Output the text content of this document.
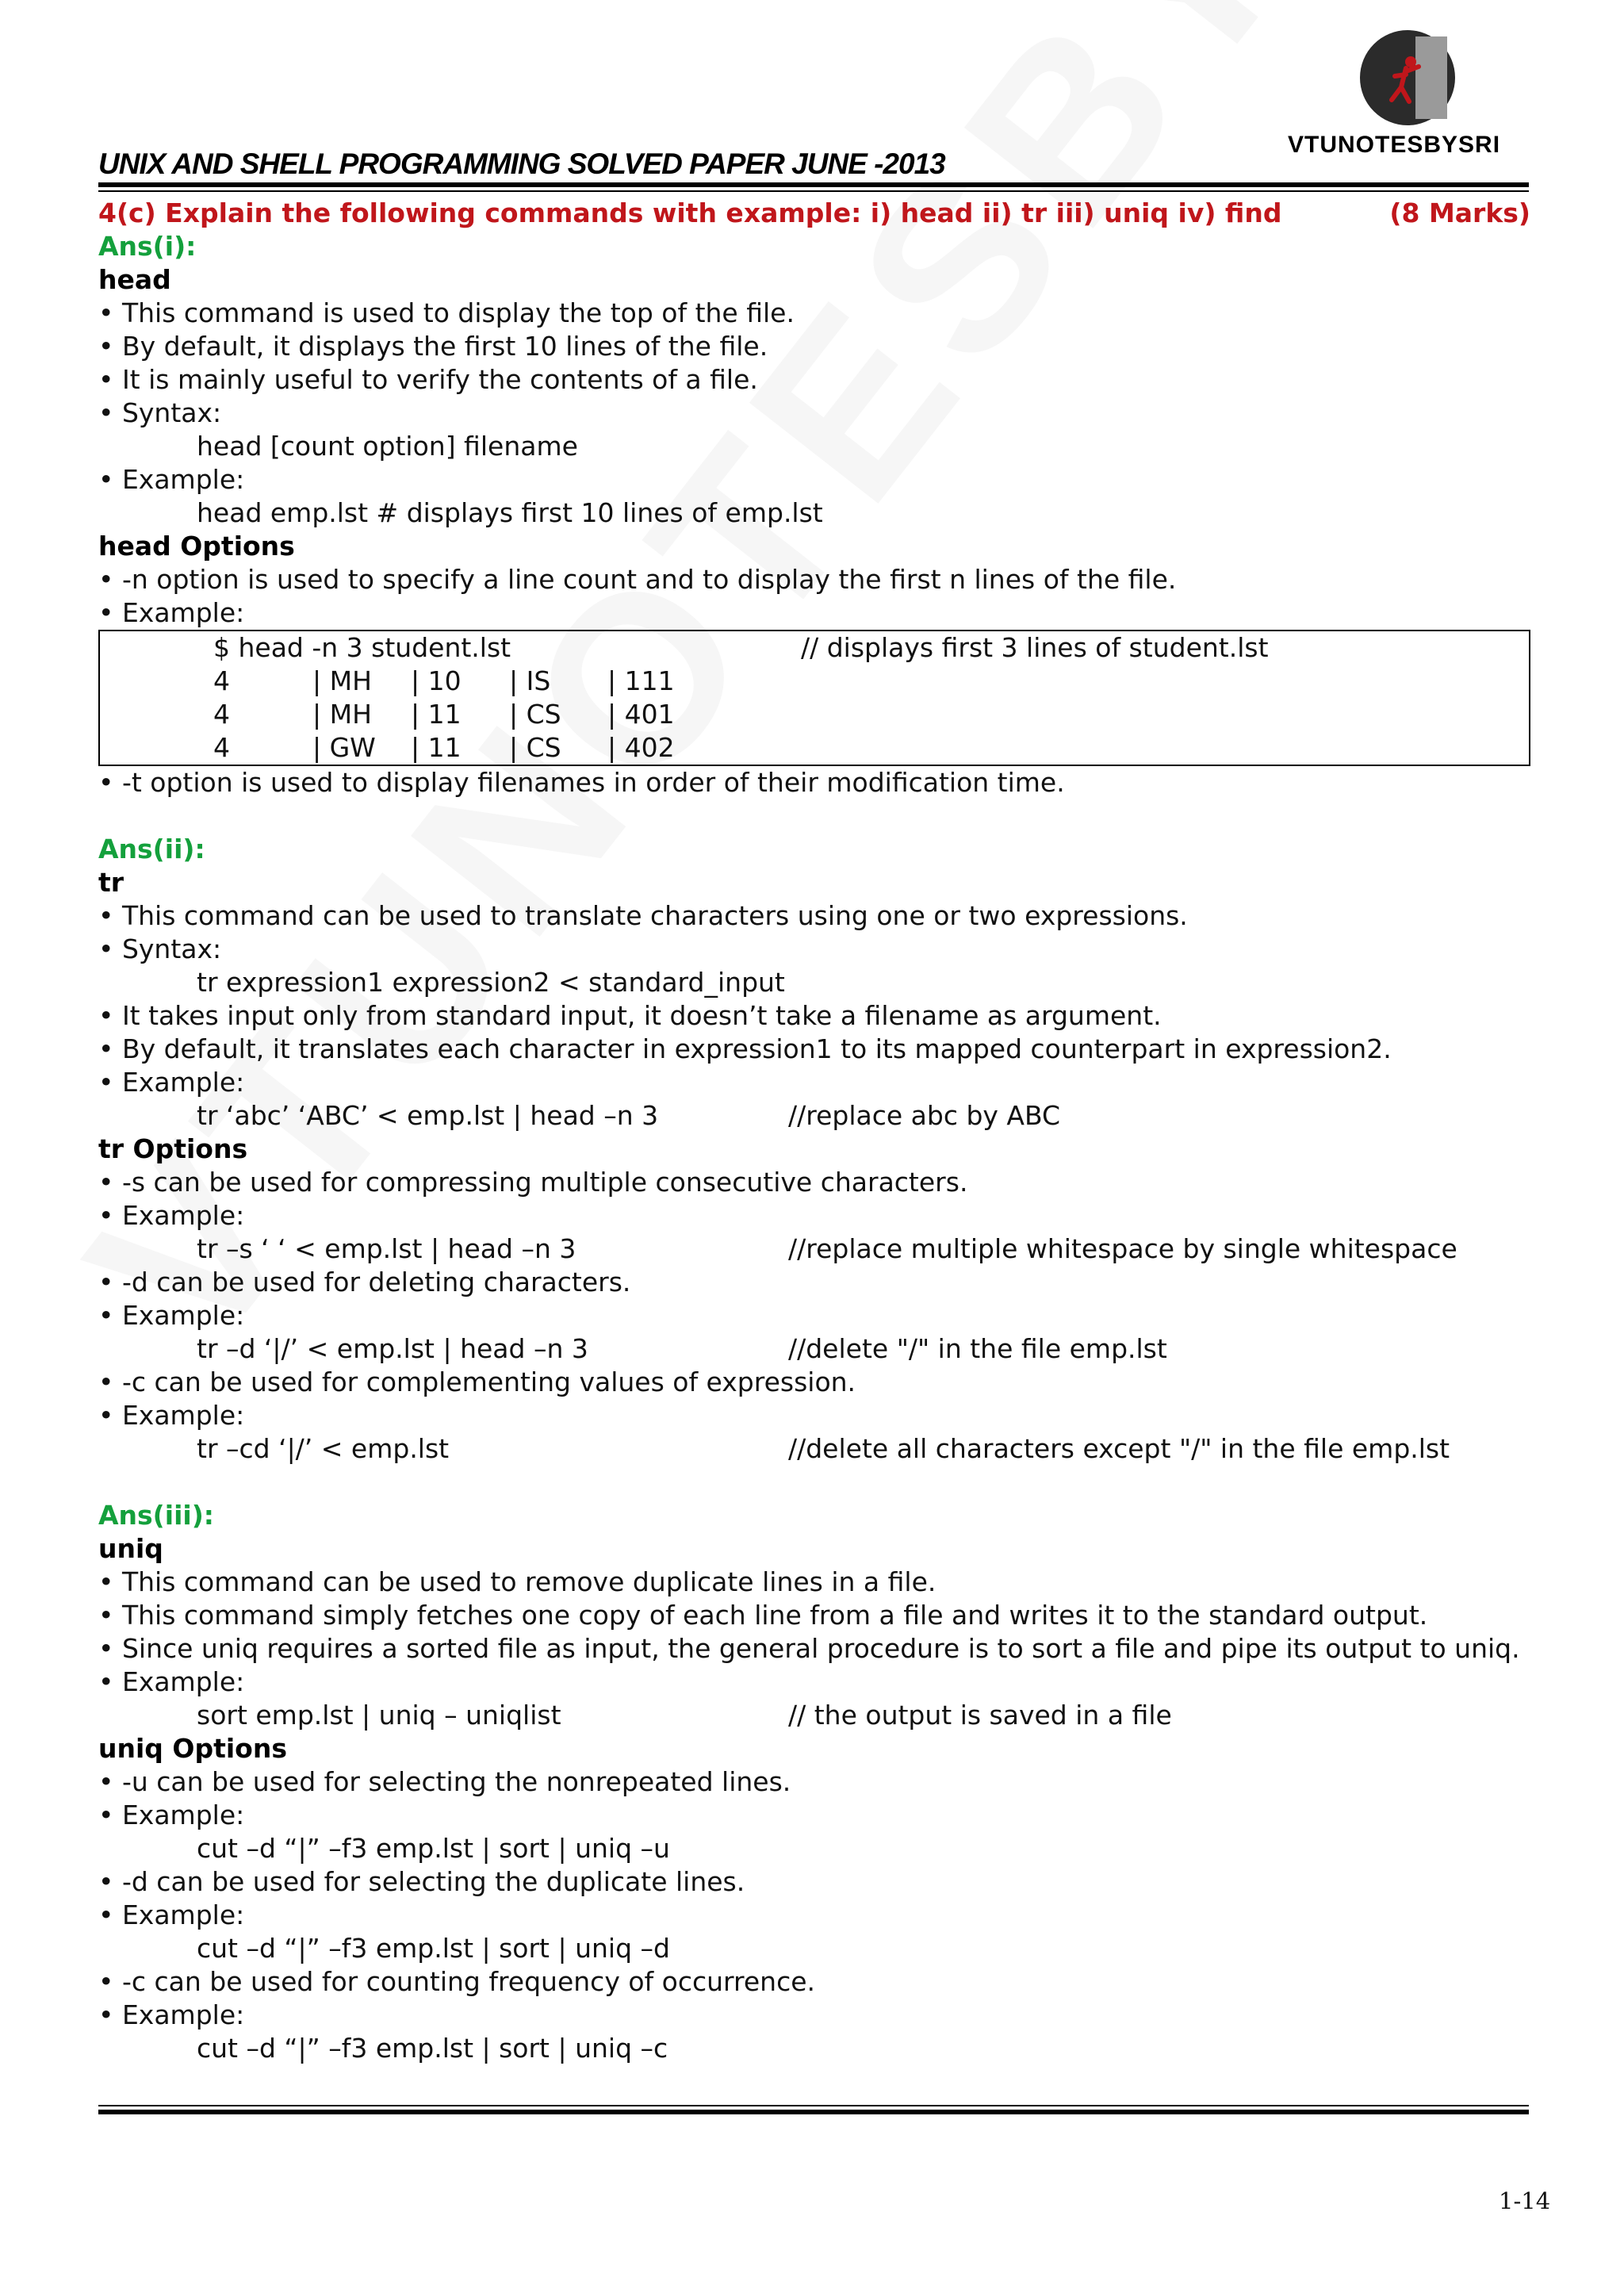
VTUNOTESBYSRI
UNIX AND SHELL PROGRAMMING SOLVED PAPER JUNE -2013
4(c) Explain the following commands with example: i) head ii) tr iii) uniq iv) find	(8 Marks)
Ans(i):
head
• This command is used to display the top of the file.
• By default, it displays the first 10 lines of the file.
• It is mainly useful to verify the contents of a file.
• Syntax:
head [count option] filename
• Example:
head emp.lst # displays first 10 lines of emp.lst
head Options
• -n option is used to specify a line count and to display the first n lines of the file.
• Example:
$ head -n 3 student.lst	// displays first 3 lines of student.lst
4	| MH | 10 | IS | 111
4	| MH | 11 | CS | 401
4	| GW | 11 | CS | 402
• -t option is used to display filenames in order of their modification time.
Ans(ii):
tr
• This command can be used to translate characters using one or two expressions.
• Syntax:
tr expression1 expression2 < standard_input
• It takes input only from standard input, it doesn’t take a filename as argument.
• By default, it translates each character in expression1 to its mapped counterpart in expression2.
• Example:
tr ‘abc’ ‘ABC’ < emp.lst | head –n 3	//replace abc by ABC
tr Options
• -s can be used for compressing multiple consecutive characters.
• Example:
tr –s ‘ ‘ < emp.lst | head –n 3	//replace multiple whitespace by single whitespace
• -d can be used for deleting characters.
• Example:
tr –d ‘|/’ < emp.lst | head –n 3	//delete "/" in the file emp.lst
• -c can be used for complementing values of expression.
• Example:
tr –cd ‘|/’ < emp.lst	//delete all characters except "/" in the file emp.lst
Ans(iii):
uniq
• This command can be used to remove duplicate lines in a file.
• This command simply fetches one copy of each line from a file and writes it to the standard output.
• Since uniq requires a sorted file as input, the general procedure is to sort a file and pipe its output to uniq.
• Example:
sort emp.lst | uniq – uniqlist	// the output is saved in a file
uniq Options
• -u can be used for selecting the nonrepeated lines.
• Example:
cut –d “|” –f3 emp.lst | sort | uniq –u
• -d can be used for selecting the duplicate lines.
• Example:
cut –d “|” –f3 emp.lst | sort | uniq –d
• -c can be used for counting frequency of occurrence.
• Example:
cut –d “|” –f3 emp.lst | sort | uniq –c
1-14
